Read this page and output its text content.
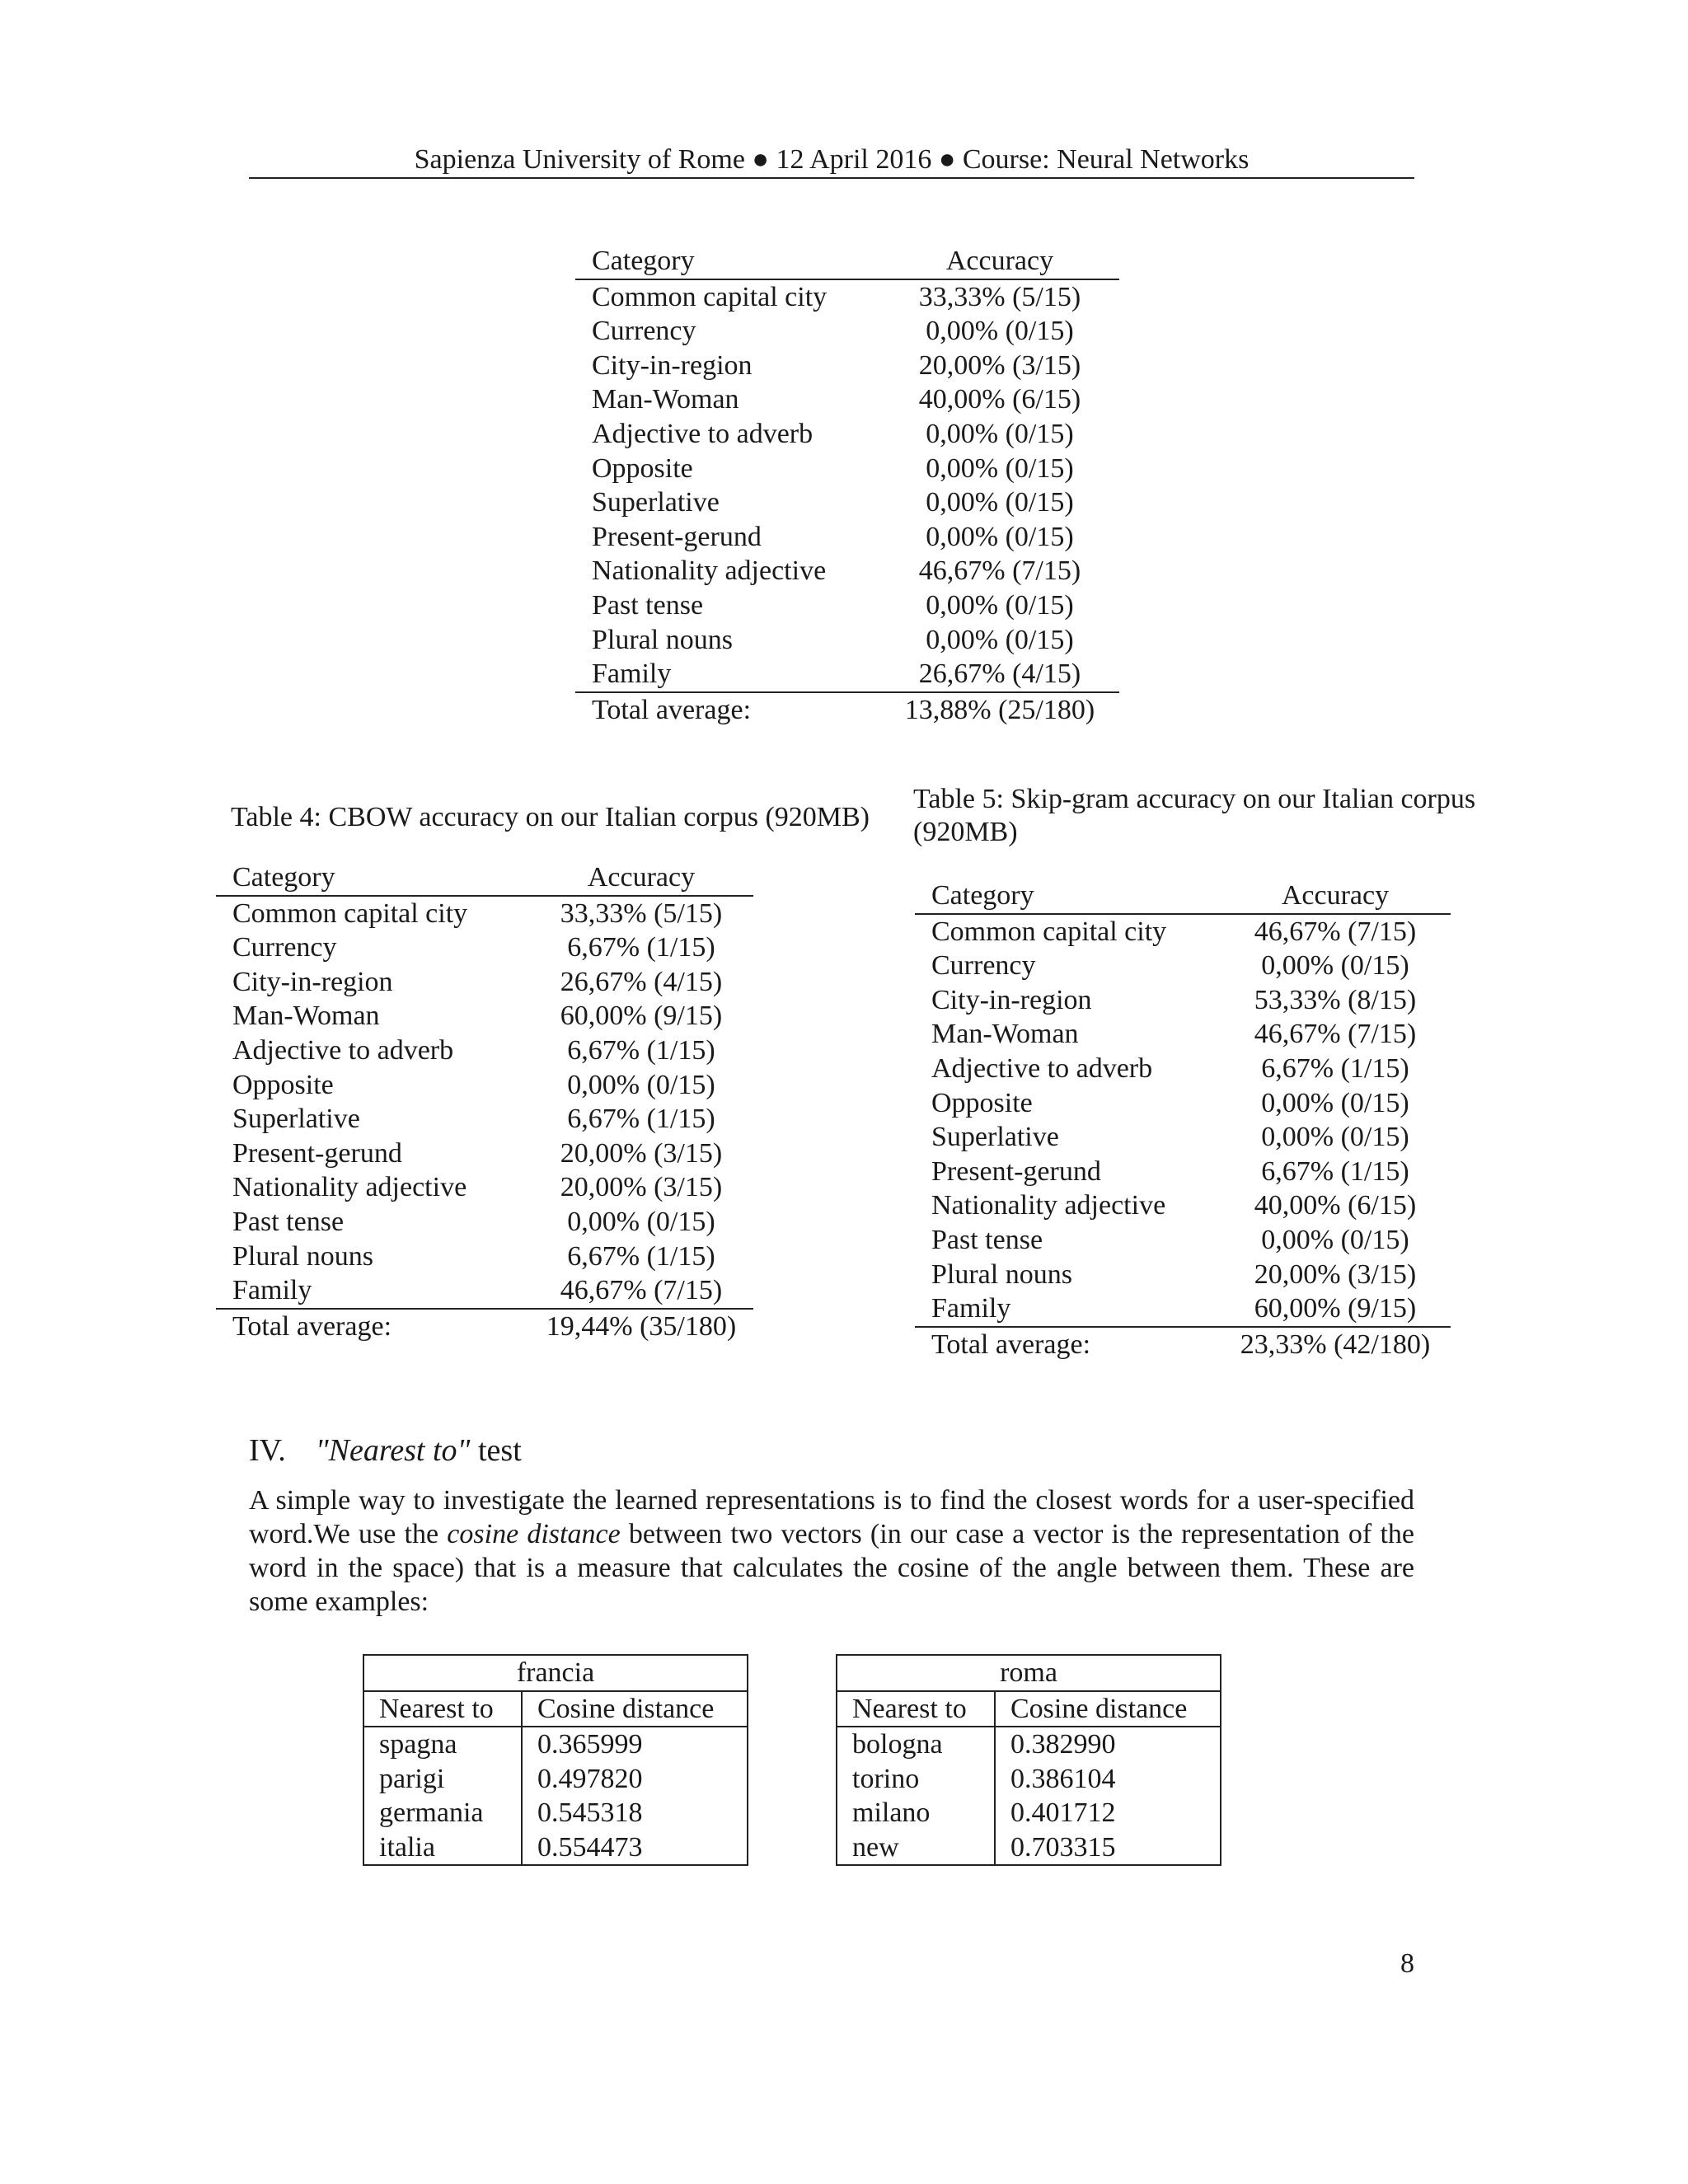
Sapienza University of Rome ● 12 April 2016 ● Course: Neural Networks
Category	Accuracy
Common capital city	33,33% (5/15)
Currency	0,00% (0/15)
City-in-region	20,00% (3/15)
Man-Woman	40,00% (6/15)
Adjective to adverb	0,00% (0/15)
Opposite	0,00% (0/15)
Superlative	0,00% (0/15)
Present-gerund	0,00% (0/15)
Nationality adjective	46,67% (7/15)
Past tense	0,00% (0/15)
Plural nouns	0,00% (0/15)
Family	26,67% (4/15)
Total average:	13,88% (25/180)
Table 4: CBOW accuracy on our Italian corpus (920MB)
Category	Accuracy
Common capital city	33,33% (5/15)
Currency	6,67% (1/15)
City-in-region	26,67% (4/15)
Man-Woman	60,00% (9/15)
Adjective to adverb	6,67% (1/15)
Opposite	0,00% (0/15)
Superlative	6,67% (1/15)
Present-gerund	20,00% (3/15)
Nationality adjective	20,00% (3/15)
Past tense	0,00% (0/15)
Plural nouns	6,67% (1/15)
Family	46,67% (7/15)
Total average:	19,44% (35/180)
Table 5: Skip-gram accuracy on our Italian corpus (920MB)
Category	Accuracy
Common capital city	46,67% (7/15)
Currency	0,00% (0/15)
City-in-region	53,33% (8/15)
Man-Woman	46,67% (7/15)
Adjective to adverb	6,67% (1/15)
Opposite	0,00% (0/15)
Superlative	0,00% (0/15)
Present-gerund	6,67% (1/15)
Nationality adjective	40,00% (6/15)
Past tense	0,00% (0/15)
Plural nouns	20,00% (3/15)
Family	60,00% (9/15)
Total average:	23,33% (42/180)
IV. "Nearest to" test
A simple way to investigate the learned representations is to find the closest words for a user-specified word.We use the cosine distance between two vectors (in our case a vector is the representation of the word in the space) that is a measure that calculates the cosine of the angle between them. These are some examples:
francia	
Nearest to	Cosine distance
spagna	0.365999
parigi	0.497820
germania	0.545318
italia	0.554473
roma	
Nearest to	Cosine distance
bologna	0.382990
torino	0.386104
milano	0.401712
new	0.703315
8
